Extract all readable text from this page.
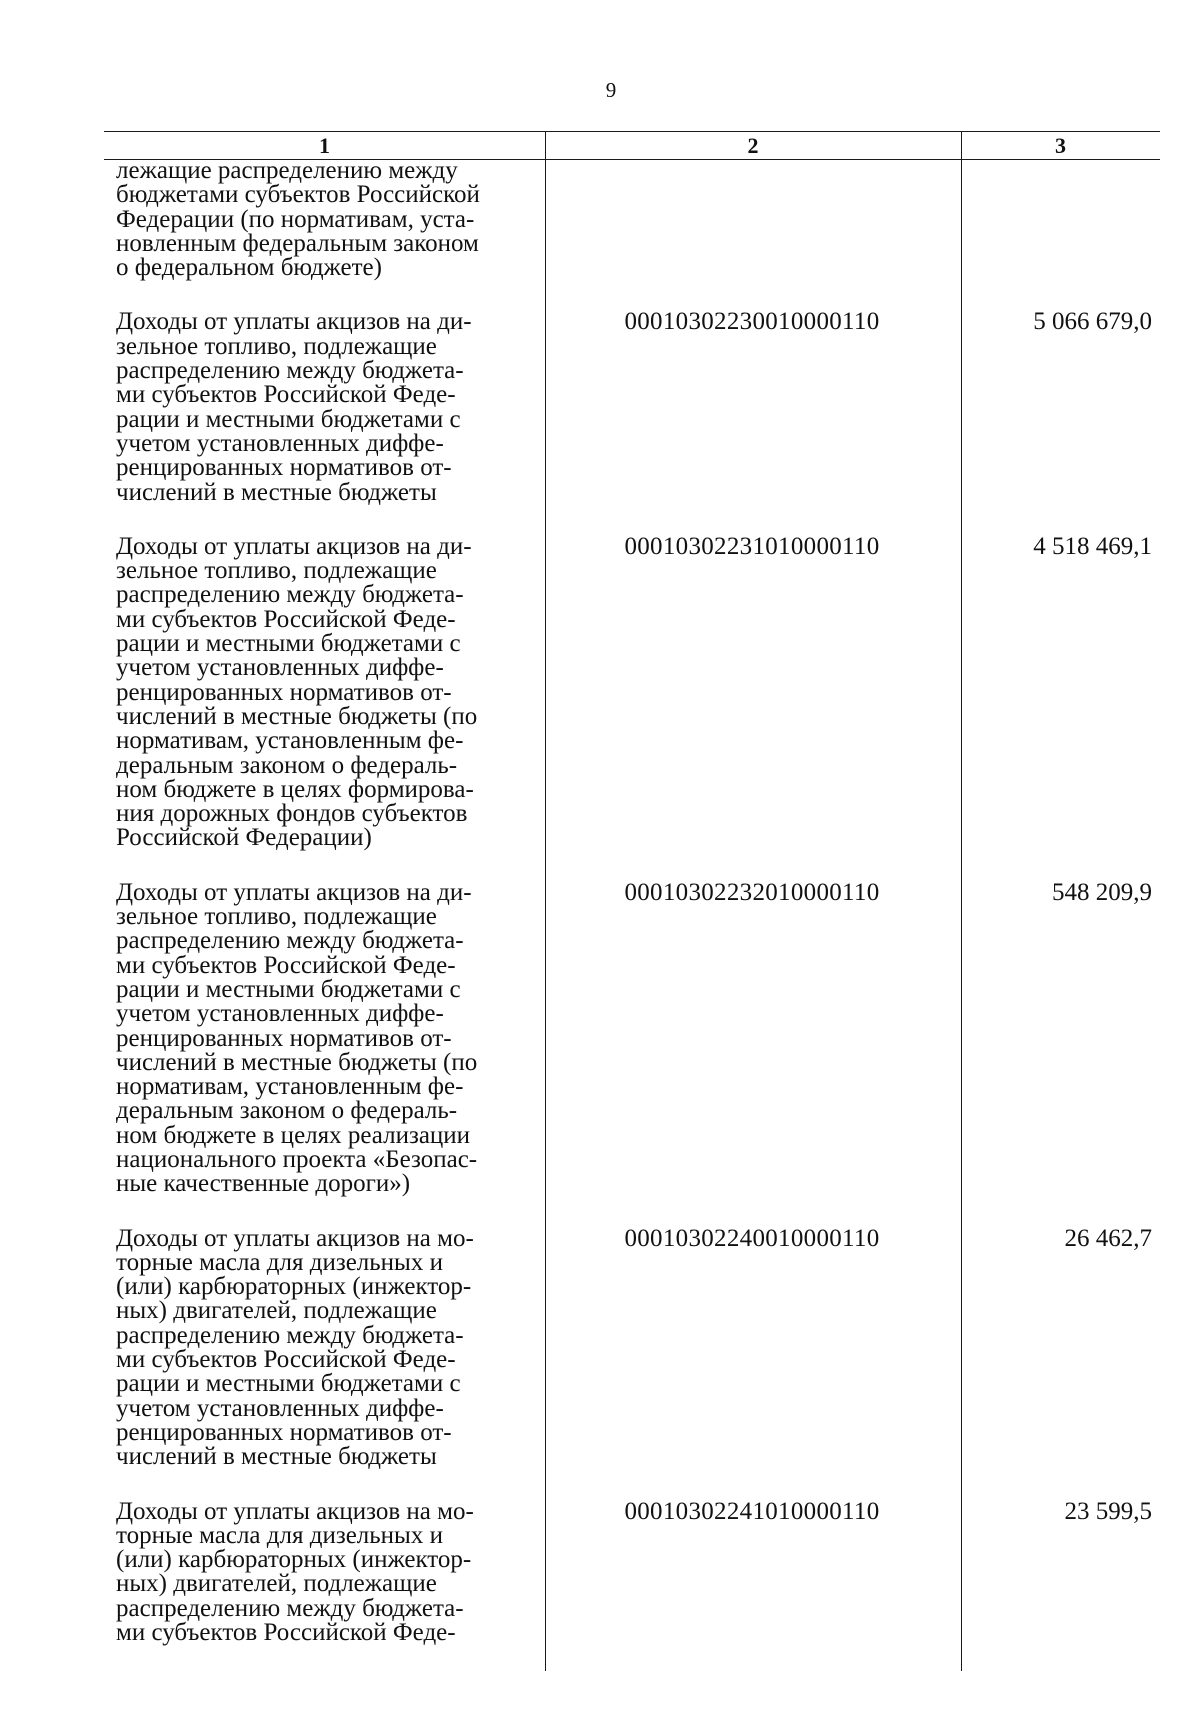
9
1	2	3
лежащие распределению между
бюджетами субъектов Российской
Федерации (по нормативам, уста-
новленным федеральным законом
о федеральном бюджете)
Доходы от уплаты акцизов на ди-
зельное топливо, подлежащие
распределению между бюджета-
ми субъектов Российской Феде-
рации и местными бюджетами с
учетом установленных диффе-
ренцированных нормативов от-
числений в местные бюджеты
00010302230010000110	5 066 679,0
Доходы от уплаты акцизов на ди-
зельное топливо, подлежащие
распределению между бюджета-
ми субъектов Российской Феде-
рации и местными бюджетами с
учетом установленных диффе-
ренцированных нормативов от-
числений в местные бюджеты (по
нормативам, установленным фе-
деральным законом о федераль-
ном бюджете в целях формирова-
ния дорожных фондов субъектов
Российской Федерации)
00010302231010000110	4 518 469,1
Доходы от уплаты акцизов на ди-
зельное топливо, подлежащие
распределению между бюджета-
ми субъектов Российской Феде-
рации и местными бюджетами с
учетом установленных диффе-
ренцированных нормативов от-
числений в местные бюджеты (по
нормативам, установленным фе-
деральным законом о федераль-
ном бюджете в целях реализации
национального проекта «Безопас-
ные качественные дороги»)
00010302232010000110	548 209,9
Доходы от уплаты акцизов на мо-
торные масла для дизельных и
(или) карбюраторных (инжектор-
ных) двигателей, подлежащие
распределению между бюджета-
ми субъектов Российской Феде-
рации и местными бюджетами с
учетом установленных диффе-
ренцированных нормативов от-
числений в местные бюджеты
00010302240010000110	26 462,7
Доходы от уплаты акцизов на мо-
торные масла для дизельных и
(или) карбюраторных (инжектор-
ных) двигателей, подлежащие
распределению между бюджета-
ми субъектов Российской Феде-
00010302241010000110	23 599,5
